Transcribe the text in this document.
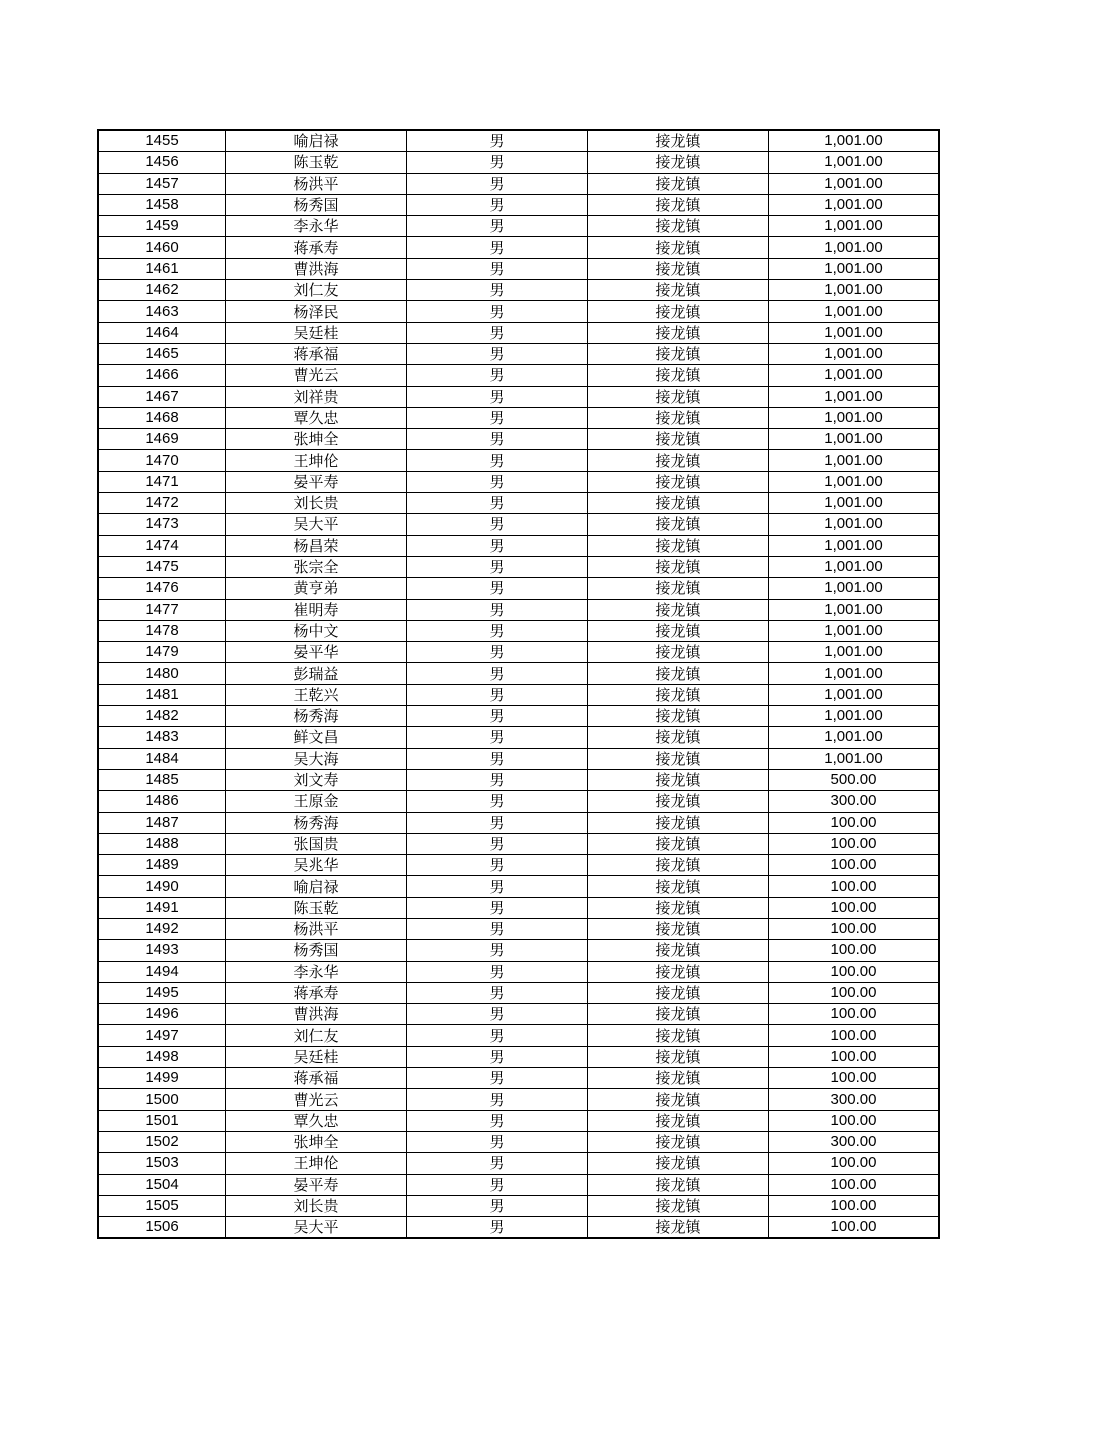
1455	喻启禄	男	接龙镇	1,001.00
1456	陈玉乾	男	接龙镇	1,001.00
1457	杨洪平	男	接龙镇	1,001.00
1458	杨秀国	男	接龙镇	1,001.00
1459	李永华	男	接龙镇	1,001.00
1460	蒋承寿	男	接龙镇	1,001.00
1461	曹洪海	男	接龙镇	1,001.00
1462	刘仁友	男	接龙镇	1,001.00
1463	杨泽民	男	接龙镇	1,001.00
1464	吴廷桂	男	接龙镇	1,001.00
1465	蒋承福	男	接龙镇	1,001.00
1466	曹光云	男	接龙镇	1,001.00
1467	刘祥贵	男	接龙镇	1,001.00
1468	覃久忠	男	接龙镇	1,001.00
1469	张坤全	男	接龙镇	1,001.00
1470	王坤伦	男	接龙镇	1,001.00
1471	晏平寿	男	接龙镇	1,001.00
1472	刘长贵	男	接龙镇	1,001.00
1473	吴大平	男	接龙镇	1,001.00
1474	杨昌荣	男	接龙镇	1,001.00
1475	张宗全	男	接龙镇	1,001.00
1476	黄亨弟	男	接龙镇	1,001.00
1477	崔明寿	男	接龙镇	1,001.00
1478	杨中文	男	接龙镇	1,001.00
1479	晏平华	男	接龙镇	1,001.00
1480	彭瑞益	男	接龙镇	1,001.00
1481	王乾兴	男	接龙镇	1,001.00
1482	杨秀海	男	接龙镇	1,001.00
1483	鲜文昌	男	接龙镇	1,001.00
1484	吴大海	男	接龙镇	1,001.00
1485	刘文寿	男	接龙镇	500.00
1486	王原金	男	接龙镇	300.00
1487	杨秀海	男	接龙镇	100.00
1488	张国贵	男	接龙镇	100.00
1489	吴兆华	男	接龙镇	100.00
1490	喻启禄	男	接龙镇	100.00
1491	陈玉乾	男	接龙镇	100.00
1492	杨洪平	男	接龙镇	100.00
1493	杨秀国	男	接龙镇	100.00
1494	李永华	男	接龙镇	100.00
1495	蒋承寿	男	接龙镇	100.00
1496	曹洪海	男	接龙镇	100.00
1497	刘仁友	男	接龙镇	100.00
1498	吴廷桂	男	接龙镇	100.00
1499	蒋承福	男	接龙镇	100.00
1500	曹光云	男	接龙镇	300.00
1501	覃久忠	男	接龙镇	100.00
1502	张坤全	男	接龙镇	300.00
1503	王坤伦	男	接龙镇	100.00
1504	晏平寿	男	接龙镇	100.00
1505	刘长贵	男	接龙镇	100.00
1506	吴大平	男	接龙镇	100.00
